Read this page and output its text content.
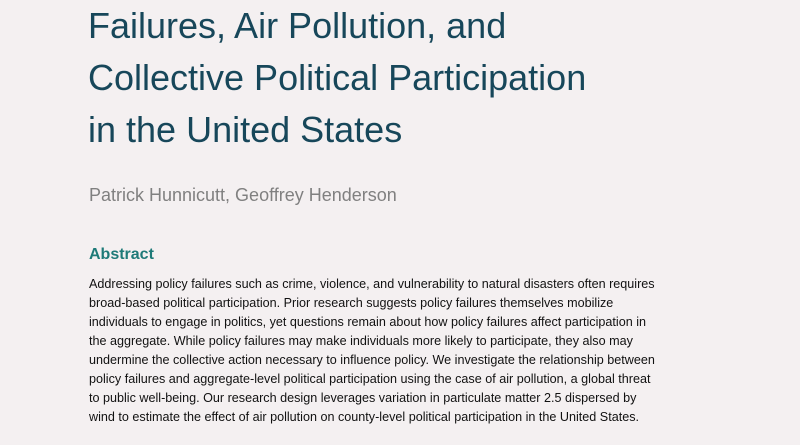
Failures, Air Pollution, and
Collective Political Participation
in the United States
Patrick Hunnicutt, Geoffrey Henderson
Abstract
Addressing policy failures such as crime, violence, and vulnerability to natural disasters often requires
broad-based political participation. Prior research suggests policy failures themselves mobilize
individuals to engage in politics, yet questions remain about how policy failures affect participation in
the aggregate. While policy failures may make individuals more likely to participate, they also may
undermine the collective action necessary to influence policy. We investigate the relationship between
policy failures and aggregate-level political participation using the case of air pollution, a global threat
to public well-being. Our research design leverages variation in particulate matter 2.5 dispersed by
wind to estimate the effect of air pollution on county-level political participation in the United States.
